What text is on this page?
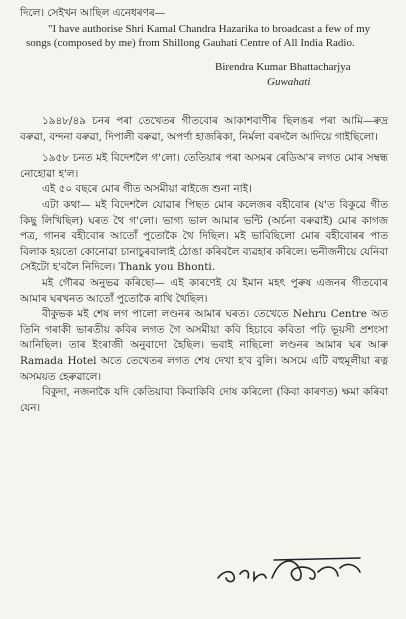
দিলে। সেইখন আছিল এনেধৰণৰ—

"I have authorise Shri Kamal Chandra Hazarika to broadcast a few of my songs (composed by me) from Shillong Gauhati Centre of All India Radio.

Birendra Kumar Bhattacharjya
Guwahati

১৯৪৮/৪৯ চনৰ পৰা তেখেতৰ গীতবোৰ আকাশবাণীৰ ছিলঙৰ পৰা আমি—ৰুদ্ৰ বৰুৱা, বন্দনা বৰুৱা, দিপালী বৰুৱা, অপৰ্ণা হাজৰিকা, নিৰ্মলা বৰদলৈ আদিয়ে গাইছিলো।

১৯৫৮ চনত মই বিদেশলৈ গ'লো। তেতিয়াৰ পৰা অসমৰ ৰেডিঅ'ৰ লগত মোৰ সম্বন্ধ নোহোৱা হ'ল।

এই ৫০ বছৰে মোৰ গীত অসমীয়া ৰাইজে শুনা নাই।

এটা কথা— মই বিদেশলৈ যোৱাৰ পিছত মোৰ কলেজৰ বহীবোৰ (য'ত বিকুৱে গীত কিছু লিখিছিল) ঘৰত থৈ গ'লো। ভাগ্য ভাল আমাৰ ভন্টি (অৰ্চনা বৰুৱাই) মোৰ কাগজ পত্ৰ, গানৰ বহীবোৰ আতোঁ পুতোকৈ থৈ দিছিল। মই ভাবিছিলো মোৰ বহীবোৰৰ পাত বিলাক হয়তো কোনোৱা চানাচুৰবালাই ঠোঙা কৰিবলৈ ব্যৱহাৰ কৰিলে। ভনীজনীয়ে যেনিবা সেইটো হ'বলৈ নিদিলে। Thank you Bhonti.

মই গৌৰৱ অনুভৱ কৰিছো— এই কাৰণেই যে ইমান মহৎ পুৰুষ এজনৰ গীতবোৰ আমাৰ ঘৰখনত আতোঁ পুতোকৈ ৰাখি থৈছিল।

বীকুভক মই শেষ লগ পালো লণ্ডনৰ আমাৰ ঘৰত। তেখেতে Nehru Centre অত তিনি গৰাকী ভাৰতীয় কবিৰ লগত গৈ অসমীয়া কবি হিচাবে কবিতা পঢ়ি ভূয়সী প্ৰশংসা আনিছিল। তাৰ ইংৰাজী অনুবাদো হৈছিল। ভবাই নাছিলো লণ্ডনৰ আমাৰ ঘৰ আৰু Ramada Hotel অতে তেখেতৰ লগত শেষ দেখা হ'ব বুলি। অসমে এটি বহুমূলীয়া ৰত্ন অসময়ত হেৰুৱালে।

বিকুদা, নজনাকৈ যদি কেতিয়াবা কিবাকিবি দোষ কৰিলো (কিবা কাৰণত) ক্ষমা কৰিবা যেন।
